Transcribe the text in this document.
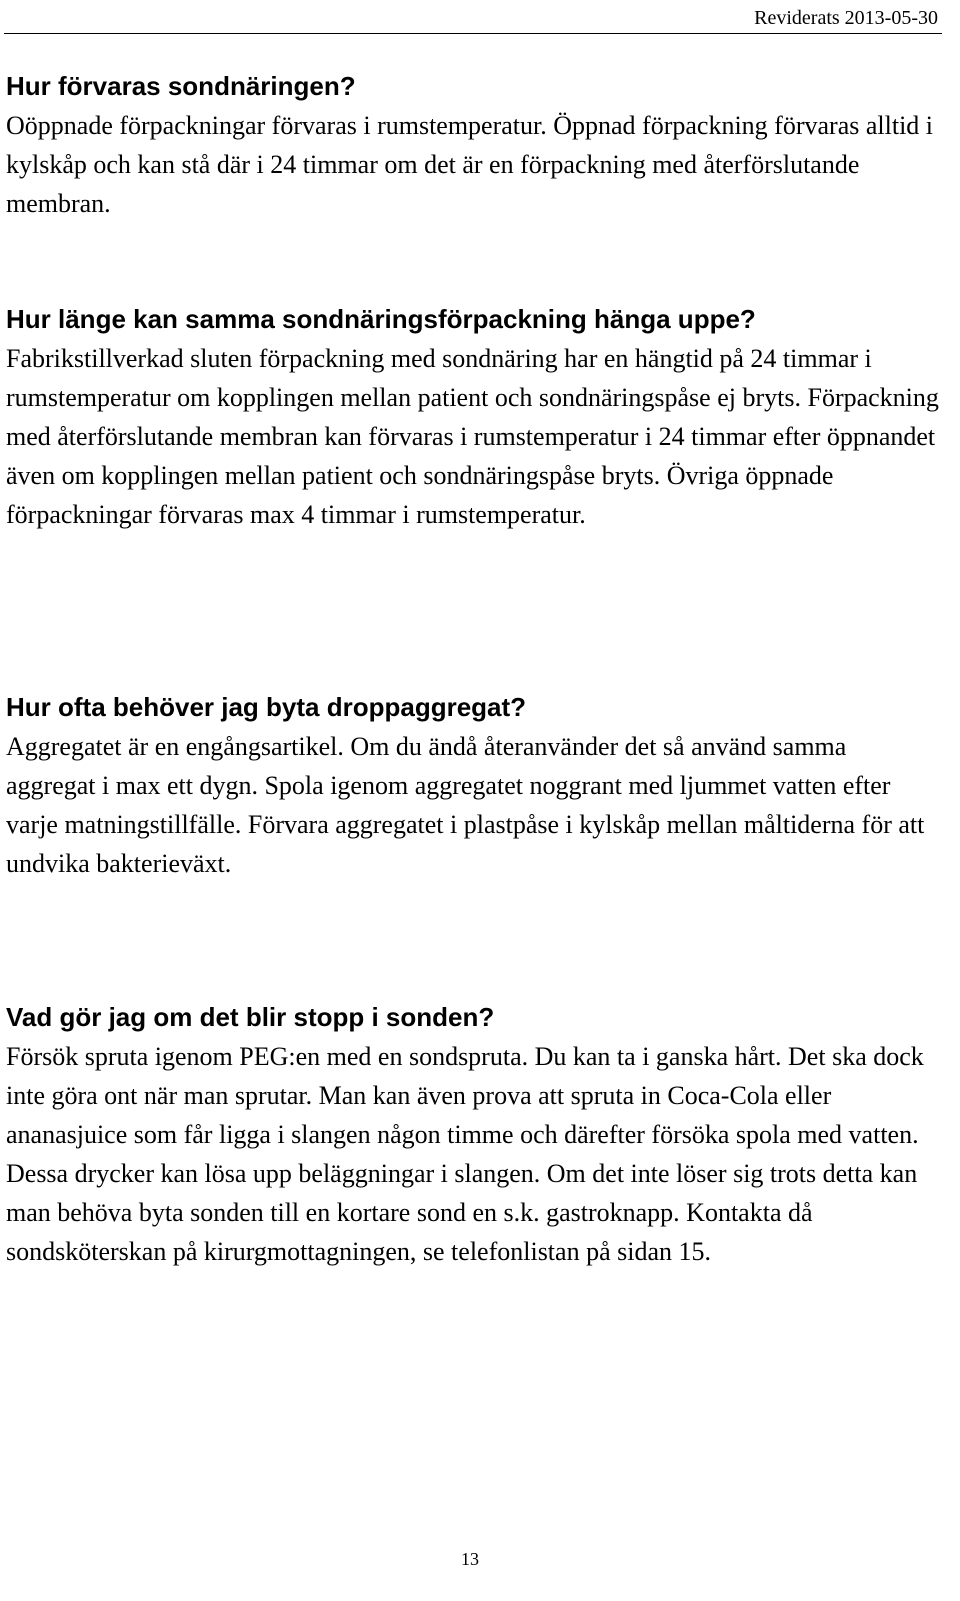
Reviderats 2013-05-30
Hur förvaras sondnäringen?

Oöppnade förpackningar förvaras i rumstemperatur. Öppnad förpackning förvaras alltid i kylskåp och kan stå där i 24 timmar om det är en förpackning med återförslutande membran.

Hur länge kan samma sondnäringsförpackning hänga uppe?

Fabrikstillverkad sluten förpackning med sondnäring har en hängtid på 24 timmar i rumstemperatur om kopplingen mellan patient och sondnäringspåse ej bryts. Förpackning med återförslutande membran kan förvaras i rumstemperatur i 24 timmar efter öppnandet även om kopplingen mellan patient och sondnäringspåse bryts. Övriga öppnade förpackningar förvaras max 4 timmar i rumstemperatur.

Hur ofta behöver jag byta droppaggregat?

Aggregatet är en engångsartikel. Om du ändå återanvänder det så använd samma aggregat i max ett dygn. Spola igenom aggregatet noggrant med ljummet vatten efter varje matningstillfälle. Förvara aggregatet i plastpåse i kylskåp mellan måltiderna för att undvika bakterieväxt.

Vad gör jag om det blir stopp i sonden?

Försök spruta igenom PEG:en med en sondspruta. Du kan ta i ganska hårt. Det ska dock inte göra ont när man sprutar. Man kan även prova att spruta in Coca-Cola eller ananasjuice som får ligga i slangen någon timme och därefter försöka spola med vatten. Dessa drycker kan lösa upp beläggningar i slangen. Om det inte löser sig trots detta kan man behöva byta sonden till en kortare sond en s.k. gastroknapp. Kontakta då sondsköterskan på kirurgmottagningen, se telefonlistan på sidan 15.

13
